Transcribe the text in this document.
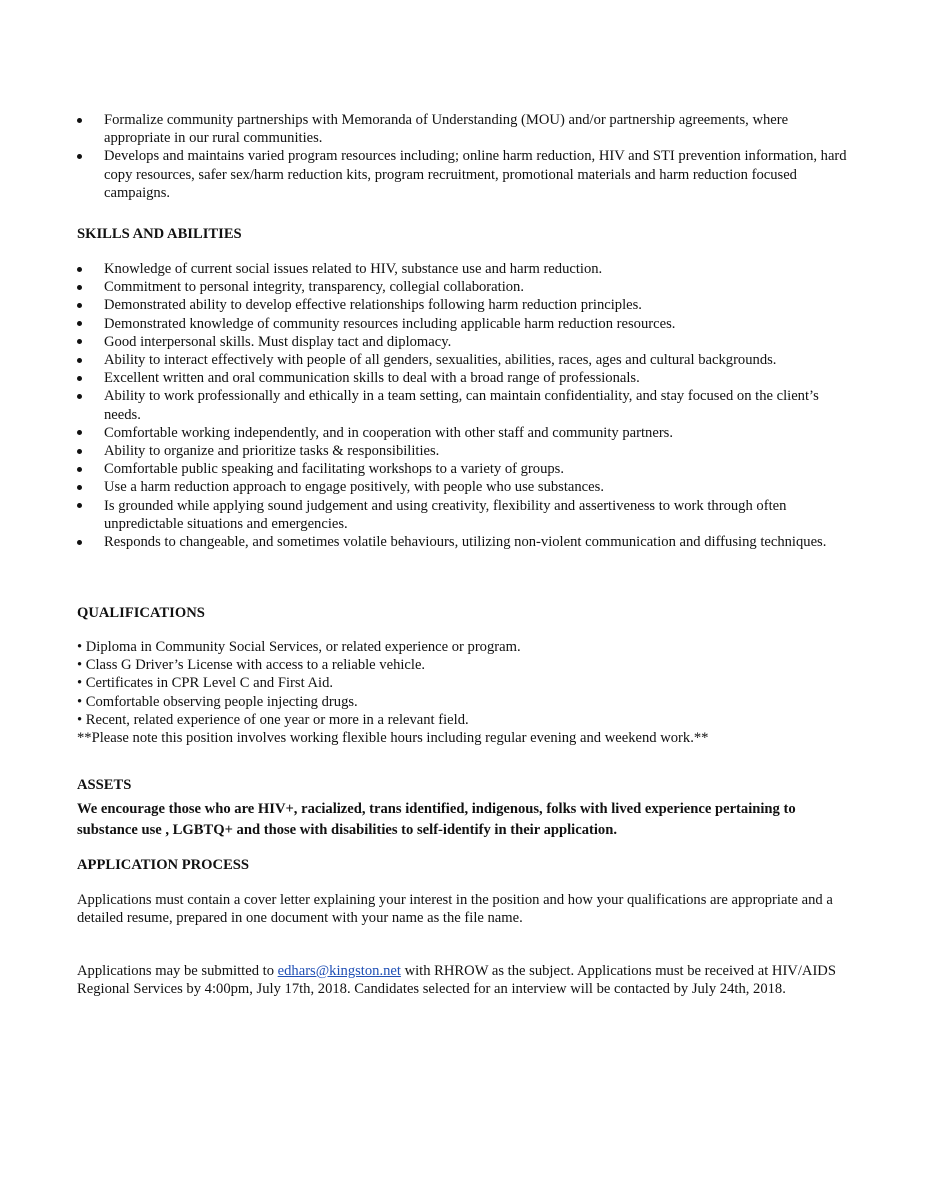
Formalize community partnerships with Memoranda of Understanding (MOU) and/or partnership agreements, where appropriate in our rural communities.
Develops and maintains varied program resources including; online harm reduction, HIV and STI prevention information, hard copy resources, safer sex/harm reduction kits, program recruitment, promotional materials and harm reduction focused campaigns.
SKILLS AND ABILITIES
Knowledge of current social issues related to HIV, substance use and harm reduction.
Commitment to personal integrity, transparency, collegial collaboration.
Demonstrated ability to develop effective relationships following harm reduction principles.
Demonstrated knowledge of community resources including applicable harm reduction resources.
Good interpersonal skills. Must display tact and diplomacy.
Ability to interact effectively with people of all genders, sexualities, abilities, races, ages and cultural backgrounds.
Excellent written and oral communication skills to deal with a broad range of professionals.
Ability to work professionally and ethically in a team setting, can maintain confidentiality, and stay focused on the client’s needs.
Comfortable working independently, and in cooperation with other staff and community partners.
Ability to organize and prioritize tasks & responsibilities.
Comfortable public speaking and facilitating workshops to a variety of groups.
Use a harm reduction approach to engage positively, with people who use substances.
Is grounded while applying sound judgement and using creativity, flexibility and assertiveness to work through often unpredictable situations and emergencies.
Responds to changeable, and sometimes volatile behaviours, utilizing non-violent communication and diffusing techniques.
QUALIFICATIONS
• Diploma in Community Social Services, or related experience or program.
• Class G Driver’s License with access to a reliable vehicle.
• Certificates in CPR Level C and First Aid.
• Comfortable observing people injecting drugs.
• Recent, related experience of one year or more in a relevant field.
**Please note this position involves working flexible hours including regular evening and weekend work.**
ASSETS
We encourage those who are HIV+, racialized, trans identified, indigenous, folks with lived experience pertaining to substance use , LGBTQ+ and those with disabilities to self-identify in their application.
APPLICATION PROCESS
Applications must contain a cover letter explaining your interest in the position and how your qualifications are appropriate and a detailed resume, prepared in one document with your name as the file name.
Applications may be submitted to edhars@kingston.net with RHROW as the subject. Applications must be received at HIV/AIDS Regional Services by 4:00pm, July 17th, 2018. Candidates selected for an interview will be contacted by July 24th, 2018.
